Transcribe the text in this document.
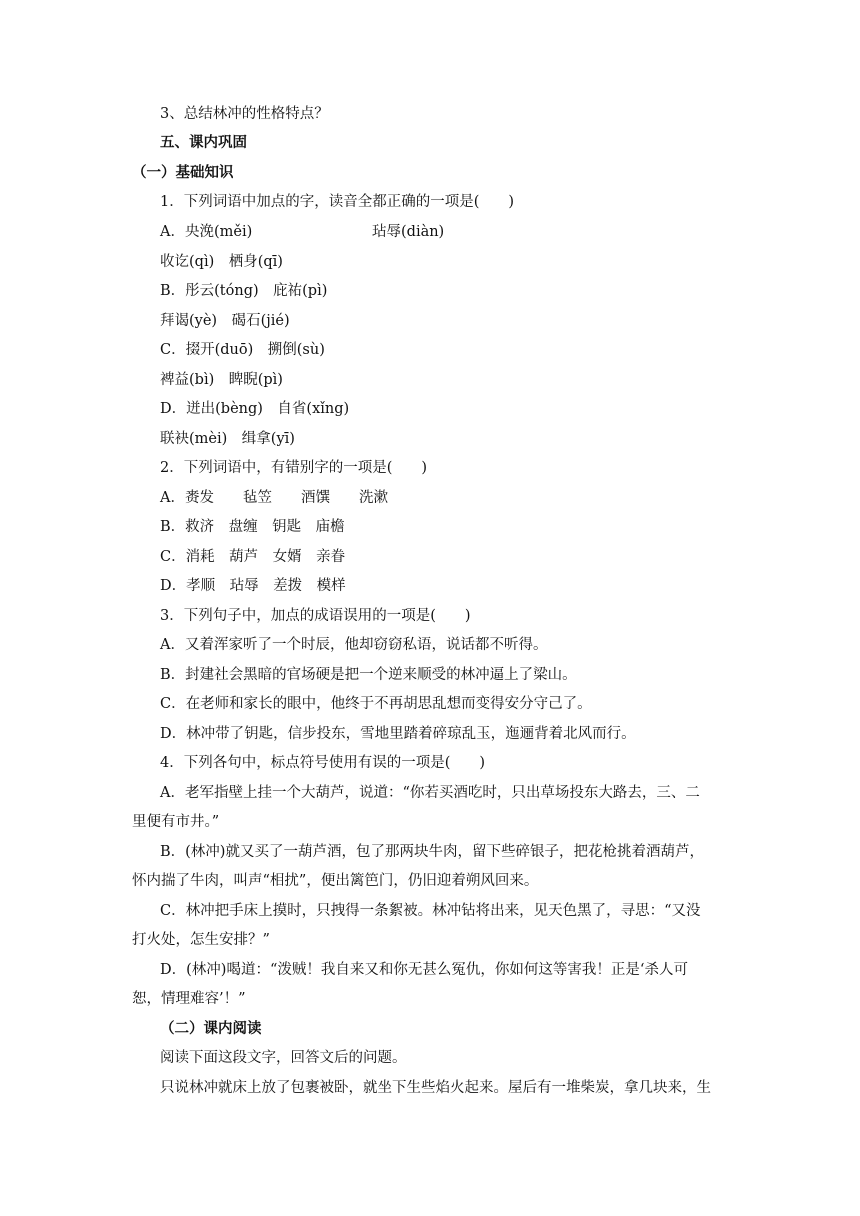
3、总结林冲的性格特点？
五、课内巩固
（一）基础知识
1．下列词语中加点的字，读音全都正确的一项是(　　)
A．央浼(měi)	玷辱(diàn)
收讫(qì)　栖身(qī)
B．彤云(tóng)　庇祐(pì)
拜谒(yè)　碣石(jié)
C．掇开(duō)　搠倒(sù)
裨益(bì)　睥睨(pì)
D．迸出(bèng)　自省(xǐng)
联袂(mèi)　缉拿(yī)
2．下列词语中，有错别字的一项是(　　)
A．赉发　　毡笠　　酒馔　　洗漱
B．救济　盘缠　钥匙　庙檐
C．消耗　葫芦　女婿　亲眷
D．孝顺　玷辱　差拨　模样
3．下列句子中，加点的成语误用的一项是(　　)
A．又着浑家听了一个时辰，他却窃窃私语，说话都不听得。
B．封建社会黑暗的官场硬是把一个逆来顺受的林冲逼上了梁山。
C．在老师和家长的眼中，他终于不再胡思乱想而变得安分守己了。
D．林冲带了钥匙，信步投东，雪地里踏着碎琼乱玉，迤逦背着北风而行。
4．下列各句中，标点符号使用有误的一项是(　　)
A．老军指壁上挂一个大葫芦，说道：“你若买酒吃时，只出草场投东大路去，三、二
里便有市井。”
B．(林冲)就又买了一葫芦酒，包了那两块牛肉，留下些碎银子，把花枪挑着酒葫芦，
怀内揣了牛肉，叫声“相扰”，便出篱笆门，仍旧迎着朔风回来。
C．林冲把手床上摸时，只拽得一条絮被。林冲钻将出来，见天色黑了，寻思：“又没
打火处，怎生安排？”
D．(林冲)喝道：“泼贼！我自来又和你无甚么冤仇，你如何这等害我！正是‘杀人可
恕，情理难容’！”
（二）课内阅读
阅读下面这段文字，回答文后的问题。
只说林冲就床上放了包裹被卧，就坐下生些焰火起来。屋后有一堆柴炭，拿几块来，生
